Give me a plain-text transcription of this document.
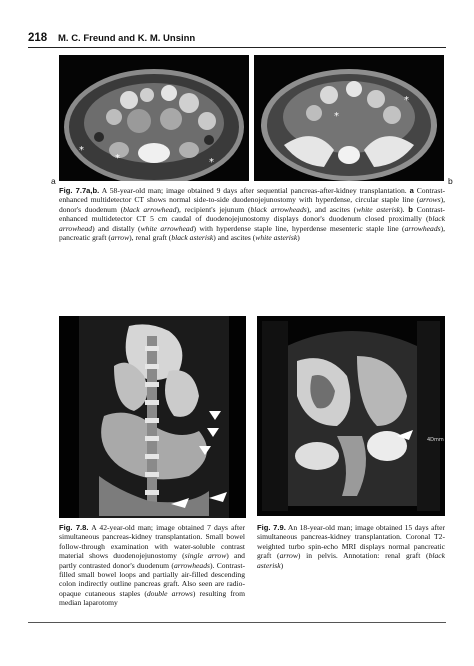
218 M. C. Freund and K. M. Unsinn
*
*
*
a
*
*
b

Fig. 7.7a,b. A 58-year-old man; image obtained 9 days after sequential pancreas-after-kidney transplantation. a Contrast-enhanced multidetector CT shows normal side-to-side duodenojejunostomy with hyperdense, circular staple line (arrows), donor's duodenum (black arrowhead), recipient's jejunum (black arrowheads), and ascites (white asterisk). b Contrast-enhanced multidetector CT 5 cm caudal of duodenojejunostomy displays donor's duodenum closed proximally (black arrowhead) and distally (white arrowhead) with hyperdense staple line, hyperdense mesenteric staple line (arrowheads), pancreatic graft (arrow), renal graft (black asterisk) and ascites (white asterisk)

4Dmm

Fig. 7.8. A 42-year-old man; image obtained 7 days after simultaneous pancreas-kidney transplantation. Small bowel follow-through examination with water-soluble contrast material shows duodenojejunostomy (single arrow) and partly contrasted donor's duodenum (arrowheads). Contrast-filled small bowel loops and partially air-filled descending colon indirectly outline pancreas graft. Also seen are radio-opaque cutaneous staples (double arrows) resulting from median laparotomy

Fig. 7.9. An 18-year-old man; image obtained 15 days after simultaneous pancreas-kidney transplantation. Coronal T2-weighted turbo spin-echo MRI displays normal pancreatic graft (arrow) in pelvis. Annotation: renal graft (black asterisk)
